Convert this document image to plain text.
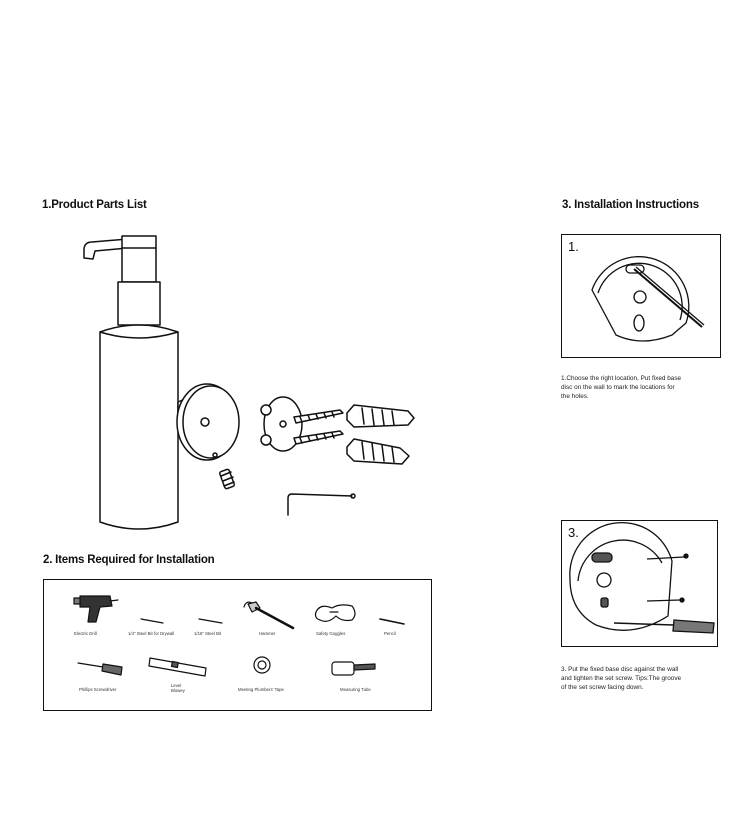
1.Product Parts List	3. Installation Instructions
2. Items Required for Installation
Electric Drill	1/4" Steel Bit for Drywall	1/16" Steel Bit	Hammer	Safety Goggles	Pencil
Phillips Screwdriver
Level
Blowey	Meeting Plumbers' Tape	Measuring Tube
1.
1.Choose the right location, Put fixed base
disc on the wall to mark the locations for
the holes.
3.
3. Put the fixed base disc against the wall
and tighten the set screw. Tips:The groove
of the set screw facing down.
